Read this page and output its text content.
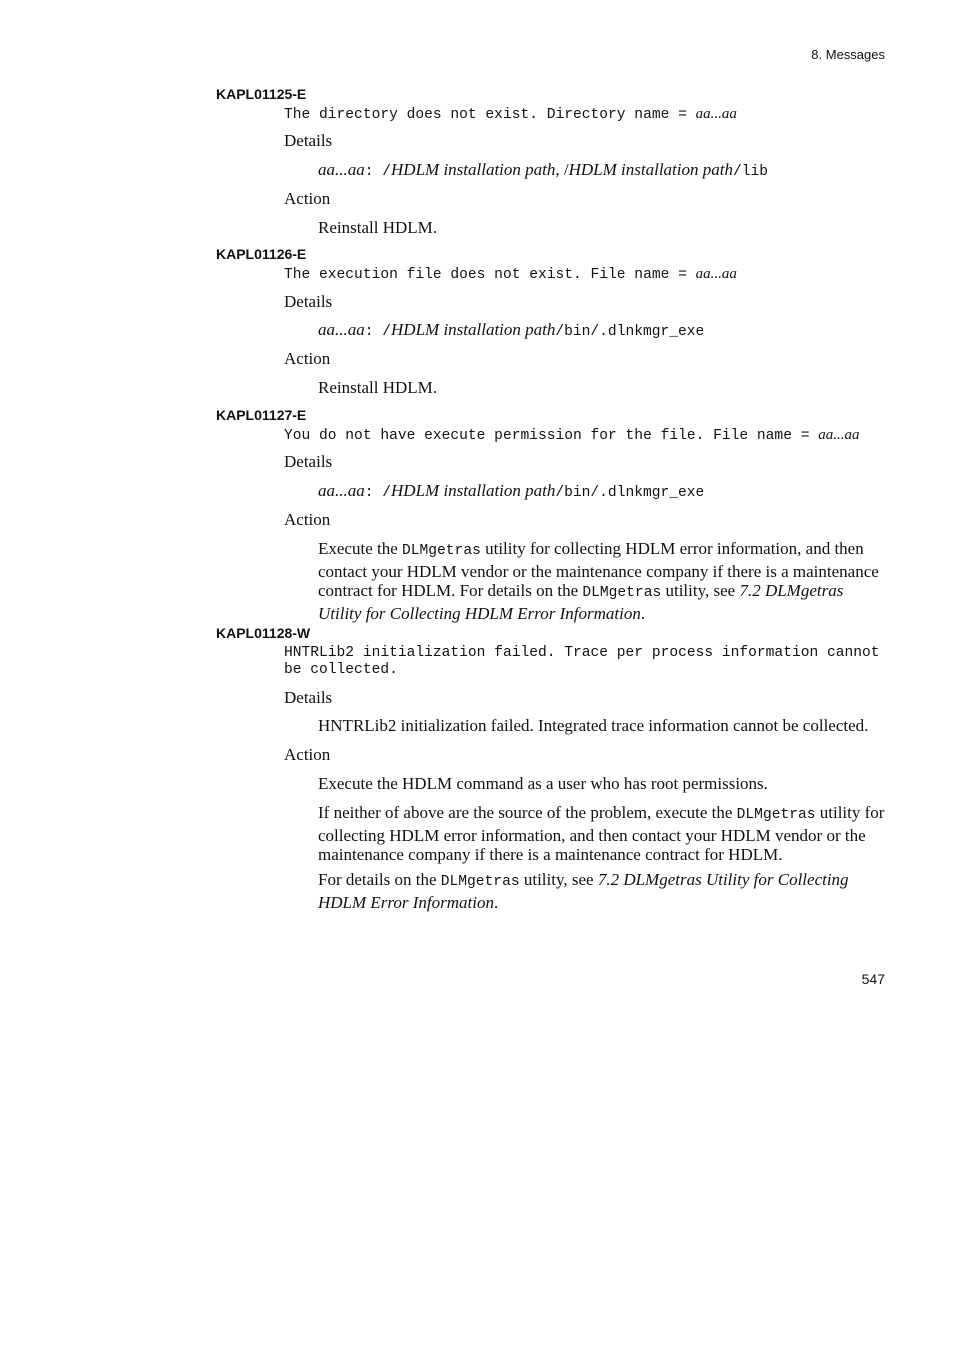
8. Messages
KAPL01125-E
The directory does not exist. Directory name = aa...aa
Details
aa...aa: /HDLM installation path, /HDLM installation path/lib
Action
Reinstall HDLM.
KAPL01126-E
The execution file does not exist. File name = aa...aa
Details
aa...aa: /HDLM installation path/bin/.dlnkmgr_exe
Action
Reinstall HDLM.
KAPL01127-E
You do not have execute permission for the file. File name = aa...aa
Details
aa...aa: /HDLM installation path/bin/.dlnkmgr_exe
Action
Execute the DLMgetras utility for collecting HDLM error information, and then contact your HDLM vendor or the maintenance company if there is a maintenance contract for HDLM. For details on the DLMgetras utility, see 7.2 DLMgetras Utility for Collecting HDLM Error Information.
KAPL01128-W
HNTRLib2 initialization failed. Trace per process information cannot be collected.
Details
HNTRLib2 initialization failed. Integrated trace information cannot be collected.
Action
Execute the HDLM command as a user who has root permissions.
If neither of above are the source of the problem, execute the DLMgetras utility for collecting HDLM error information, and then contact your HDLM vendor or the maintenance company if there is a maintenance contract for HDLM.
For details on the DLMgetras utility, see 7.2 DLMgetras Utility for Collecting HDLM Error Information.
547
